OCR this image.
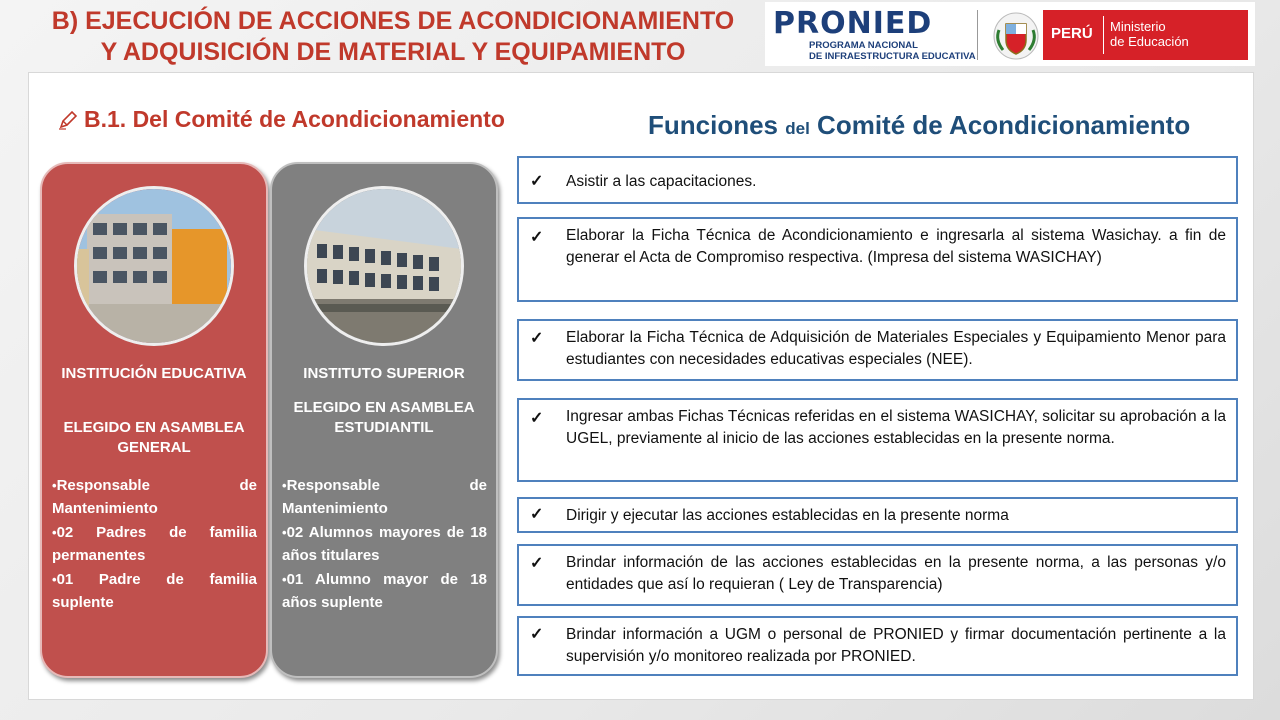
B) EJECUCIÓN DE ACCIONES DE ACONDICIONAMIENTO
Y ADQUISICIÓN DE MATERIAL Y EQUIPAMIENTO
PRONIED
PROGRAMA NACIONAL
DE INFRAESTRUCTURA EDUCATIVA
PERÚ Ministerio
de Educación
B.1. Del Comité de Acondicionamiento	Funciones del Comité de Acondicionamiento
INSTITUCIÓN EDUCATIVA
ELEGIDO EN ASAMBLEA GENERAL
•Responsable de Mantenimiento
•02 Padres de familia permanentes
•01 Padre de familia suplente
INSTITUTO SUPERIOR
ELEGIDO EN ASAMBLEA ESTUDIANTIL
•Responsable de Mantenimiento
•02 Alumnos mayores de 18 años titulares
•01 Alumno mayor de 18 años suplente
✓ Asistir a las capacitaciones.
✓ Elaborar la Ficha Técnica de Acondicionamiento e ingresarla al sistema Wasichay. a fin de generar el Acta de Compromiso respectiva. (Impresa del sistema WASICHAY)
✓ Elaborar la Ficha Técnica de Adquisición de Materiales Especiales y Equipamiento Menor para estudiantes con necesidades educativas especiales (NEE).
✓ Ingresar ambas Fichas Técnicas referidas en el sistema WASICHAY, solicitar su aprobación a la UGEL, previamente al inicio de las acciones establecidas en la presente norma.
✓ Dirigir y ejecutar las acciones establecidas en la presente norma
✓ Brindar información de las acciones establecidas en la presente norma, a las personas y/o entidades que así lo requieran ( Ley de Transparencia)
✓ Brindar información a UGM o personal de PRONIED y firmar documentación pertinente a la supervisión y/o monitoreo realizada por PRONIED.
